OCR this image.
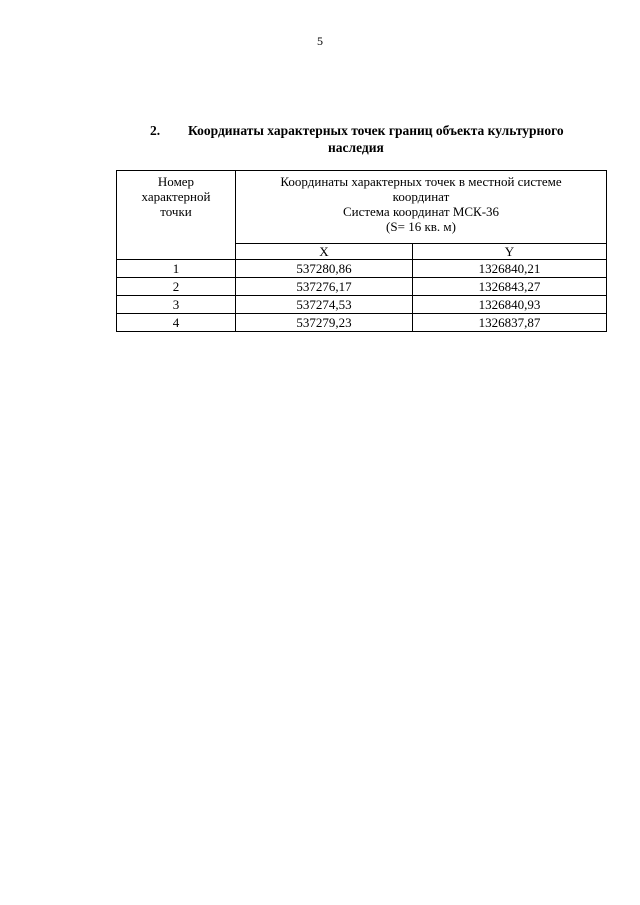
5
2. Координаты характерных точек границ объекта культурного
наследия
Номер
характерной
точки	Координаты характерных точек в местной системе
координат
Система координат МСК-36
(S= 16 кв. м)	

	X	Y
1	537280,86	1326840,21
2	537276,17	1326843,27
3	537274,53	1326840,93
4	537279,23	1326837,87
